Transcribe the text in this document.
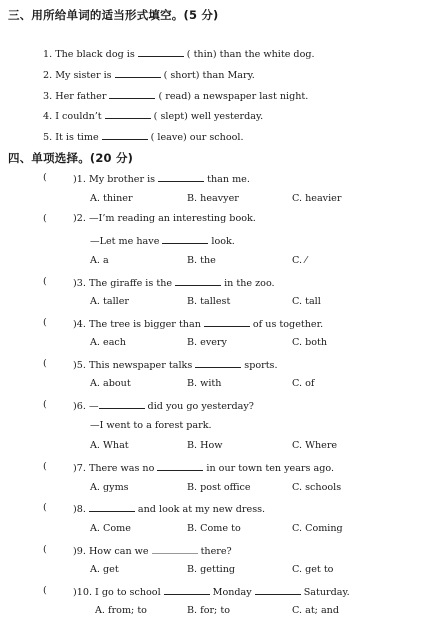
三、用所给单词的适当形式填空。(5 分)
1. The black dog is	( thin) than the white dog.
2. My sister is	( short) than Mary.
3. Her father	( read) a newspaper last night.
4. I couldn’t	( slept) well yesterday.
5. It is time	( leave) our school.
四、单项选择。(20 分)
(	)1. My brother is	than me.
A. thiner	B. heavyer	C. heavier
(	)2. —I’m reading an interesting book.
—Let me have	look.
A. a	B. the	C. ⁄
(	)3. The giraffe is the	in the zoo.
A. taller	B. tallest	C. tall
(	)4. The tree is bigger than	of us together.
A. each	B. every	C. both
(	)5. This newspaper talks	sports.
A. about	B. with	C. of
(	)6. —	did you go yesterday?
—I went to a forest park.
A. What	B. How	C. Where
(	)7. There was no	in our town ten years ago.
A. gyms	B. post office	C. schools
(	)8.	and look at my new dress.
A. Come	B. Come to	C. Coming
(	)9. How can we	there?
A. get	B. getting	C. get to
(	)10. I go to school	Monday	Saturday.
A. from; to	B. for; to	C. at; and
